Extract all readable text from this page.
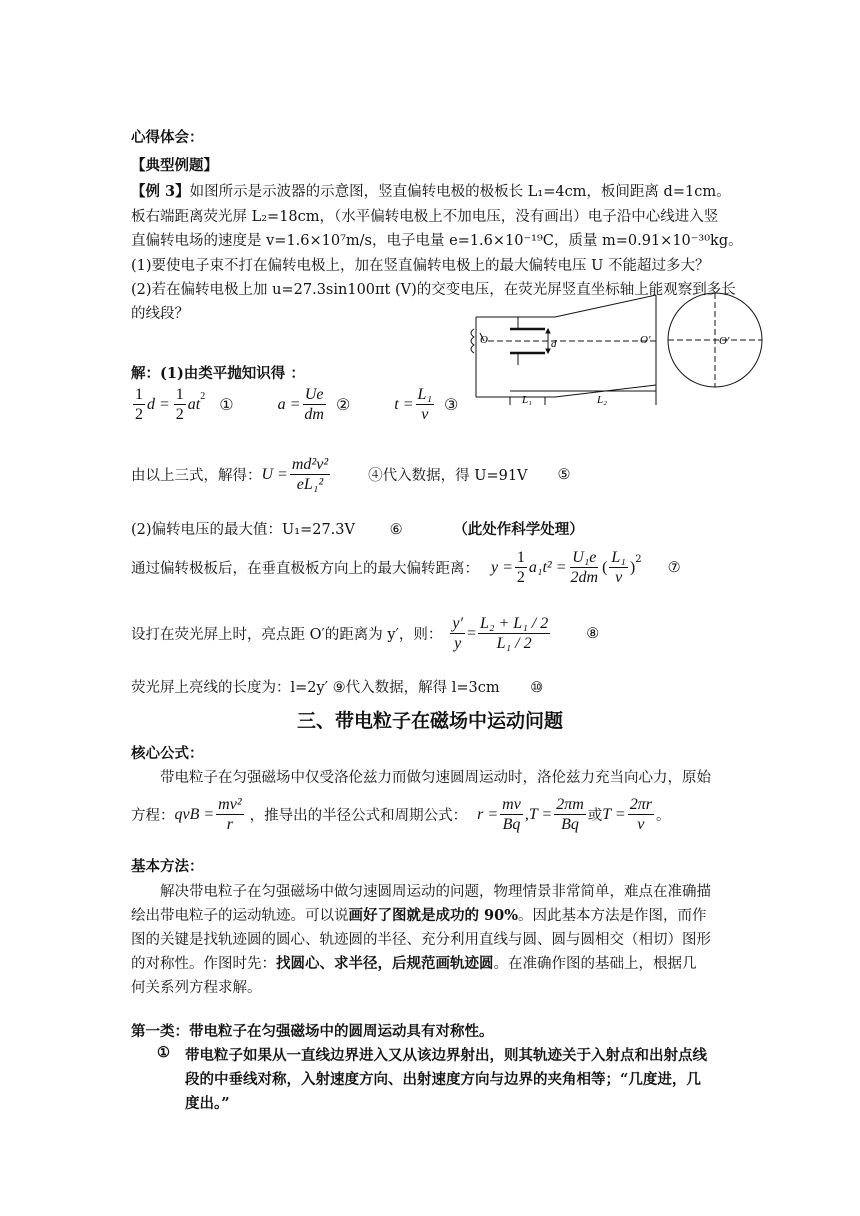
心得体会：
【典型例题】
【例 3】如图所示是示波器的示意图，竖直偏转电极的极板长 L₁=4cm，板间距离 d=1cm。
板右端距离荧光屏 L₂=18cm，（水平偏转电极上不加电压，没有画出）电子沿中心线进入竖
直偏转电场的速度是 v=1.6×10⁷m/s，电子电量 e=1.6×10⁻¹⁹C，质量 m=0.91×10⁻³⁰kg。
(1)要使电子束不打在偏转电极上，加在竖直偏转电极上的最大偏转电压 U 不能超过多大？
(2)若在偏转电极上加 u=27.3sin100πt (V)的交变电压，在荧光屏竖直坐标轴上能观察到多长
的线段？
O	d	O′
L₁	L₂
O′
解：(1)由类平抛知识得 ：
$\frac{1}{2}$ $d = \frac{1}{2} at^2$ ①	$a = \frac{Ue}{dm}$ ②	$t = \frac{\text{L₁}}{v}$ ③
由以上三式，解得： $U = \frac{\text{md²v²}}{\text{eL₁²}}$	④代入数据，得 U=91V ⑤
(2)偏转电压的最大值：U₁=27.3V ⑥	（此处作科学处理）
通过偏转极板后，在垂直极板方向上的最大偏转距离： $y = \frac{1}{2} a_1t^2 = \frac{\text{U₁e}}{2dm}$ ( $\frac{\text{L₁}}{v} )^2$ ⑦
设打在荧光屏上时，亮点距 O′的距离为 y′，则： $\frac{y'}{y} = \frac{\text{L₂ + L₁ / 2}}{\text{L₁ / 2}}$ ⑧
荧光屏上亮线的长度为：l=2y′ ⑨代入数据，解得 l=3cm ⑩
三、带电粒子在磁场中运动问题
核心公式：
带电粒子在匀强磁场中仅受洛伦兹力而做匀速圆周运动时，洛伦兹力充当向心力，原始
方程： qvB = $\frac{\text{mv²}}{r}$ ，推导出的半径公式和周期公式： $r = \frac{mv}{Bq} ,T = \frac{2\pi m}{Bq}$ 或 $T = \frac{2\pi r}{v}$ 。
基本方法：
解决带电粒子在匀强磁场中做匀速圆周运动的问题，物理情景非常简单，难点在准确描
绘出带电粒子的运动轨迹。可以说画好了图就是成功的 90%。因此基本方法是作图，而作
图的关键是找轨迹圆的圆心、轨迹圆的半径、充分利用直线与圆、圆与圆相交（相切）图形
的对称性。作图时先：找圆心、求半径，后规范画轨迹圆。在准确作图的基础上，根据几
何关系列方程求解。
第一类：带电粒子在匀强磁场中的圆周运动具有对称性。
① 带电粒子如果从一直线边界进入又从该边界射出，则其轨迹关于入射点和出射点线
段的中垂线对称，入射速度方向、出射速度方向与边界的夹角相等；“几度进，几
度出。”
